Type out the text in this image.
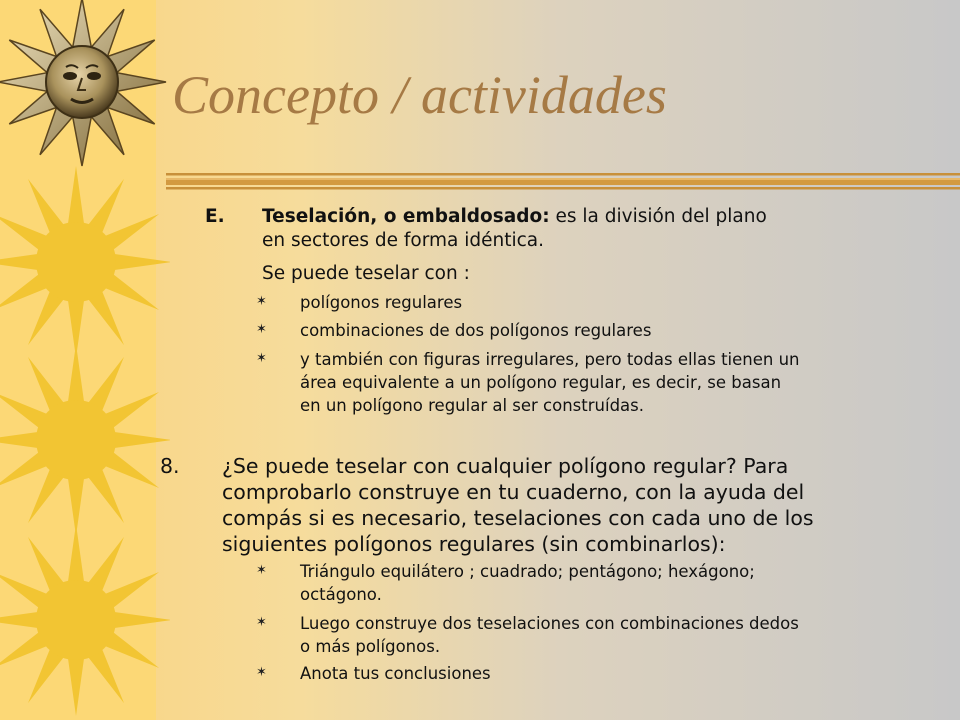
Concepto / actividades
E. Teselación, o embaldosado: es la división del plano
en sectores de forma idéntica.
Se puede teselar con :
✶ polígonos regulares
✶ combinaciones de dos polígonos regulares
✶ y también con figuras irregulares, pero todas ellas tienen un
área equivalente a un polígono regular, es decir, se basan
en un polígono regular al ser construídas.
8. ¿Se puede teselar con cualquier polígono regular? Para
comprobarlo construye en tu cuaderno, con la ayuda del
compás si es necesario, teselaciones con cada uno de los
siguientes polígonos regulares (sin combinarlos):
✶ Triángulo equilátero ; cuadrado; pentágono; hexágono;
octágono.
✶ Luego construye dos teselaciones con combinaciones dedos
o más polígonos.
✶ Anota tus conclusiones
